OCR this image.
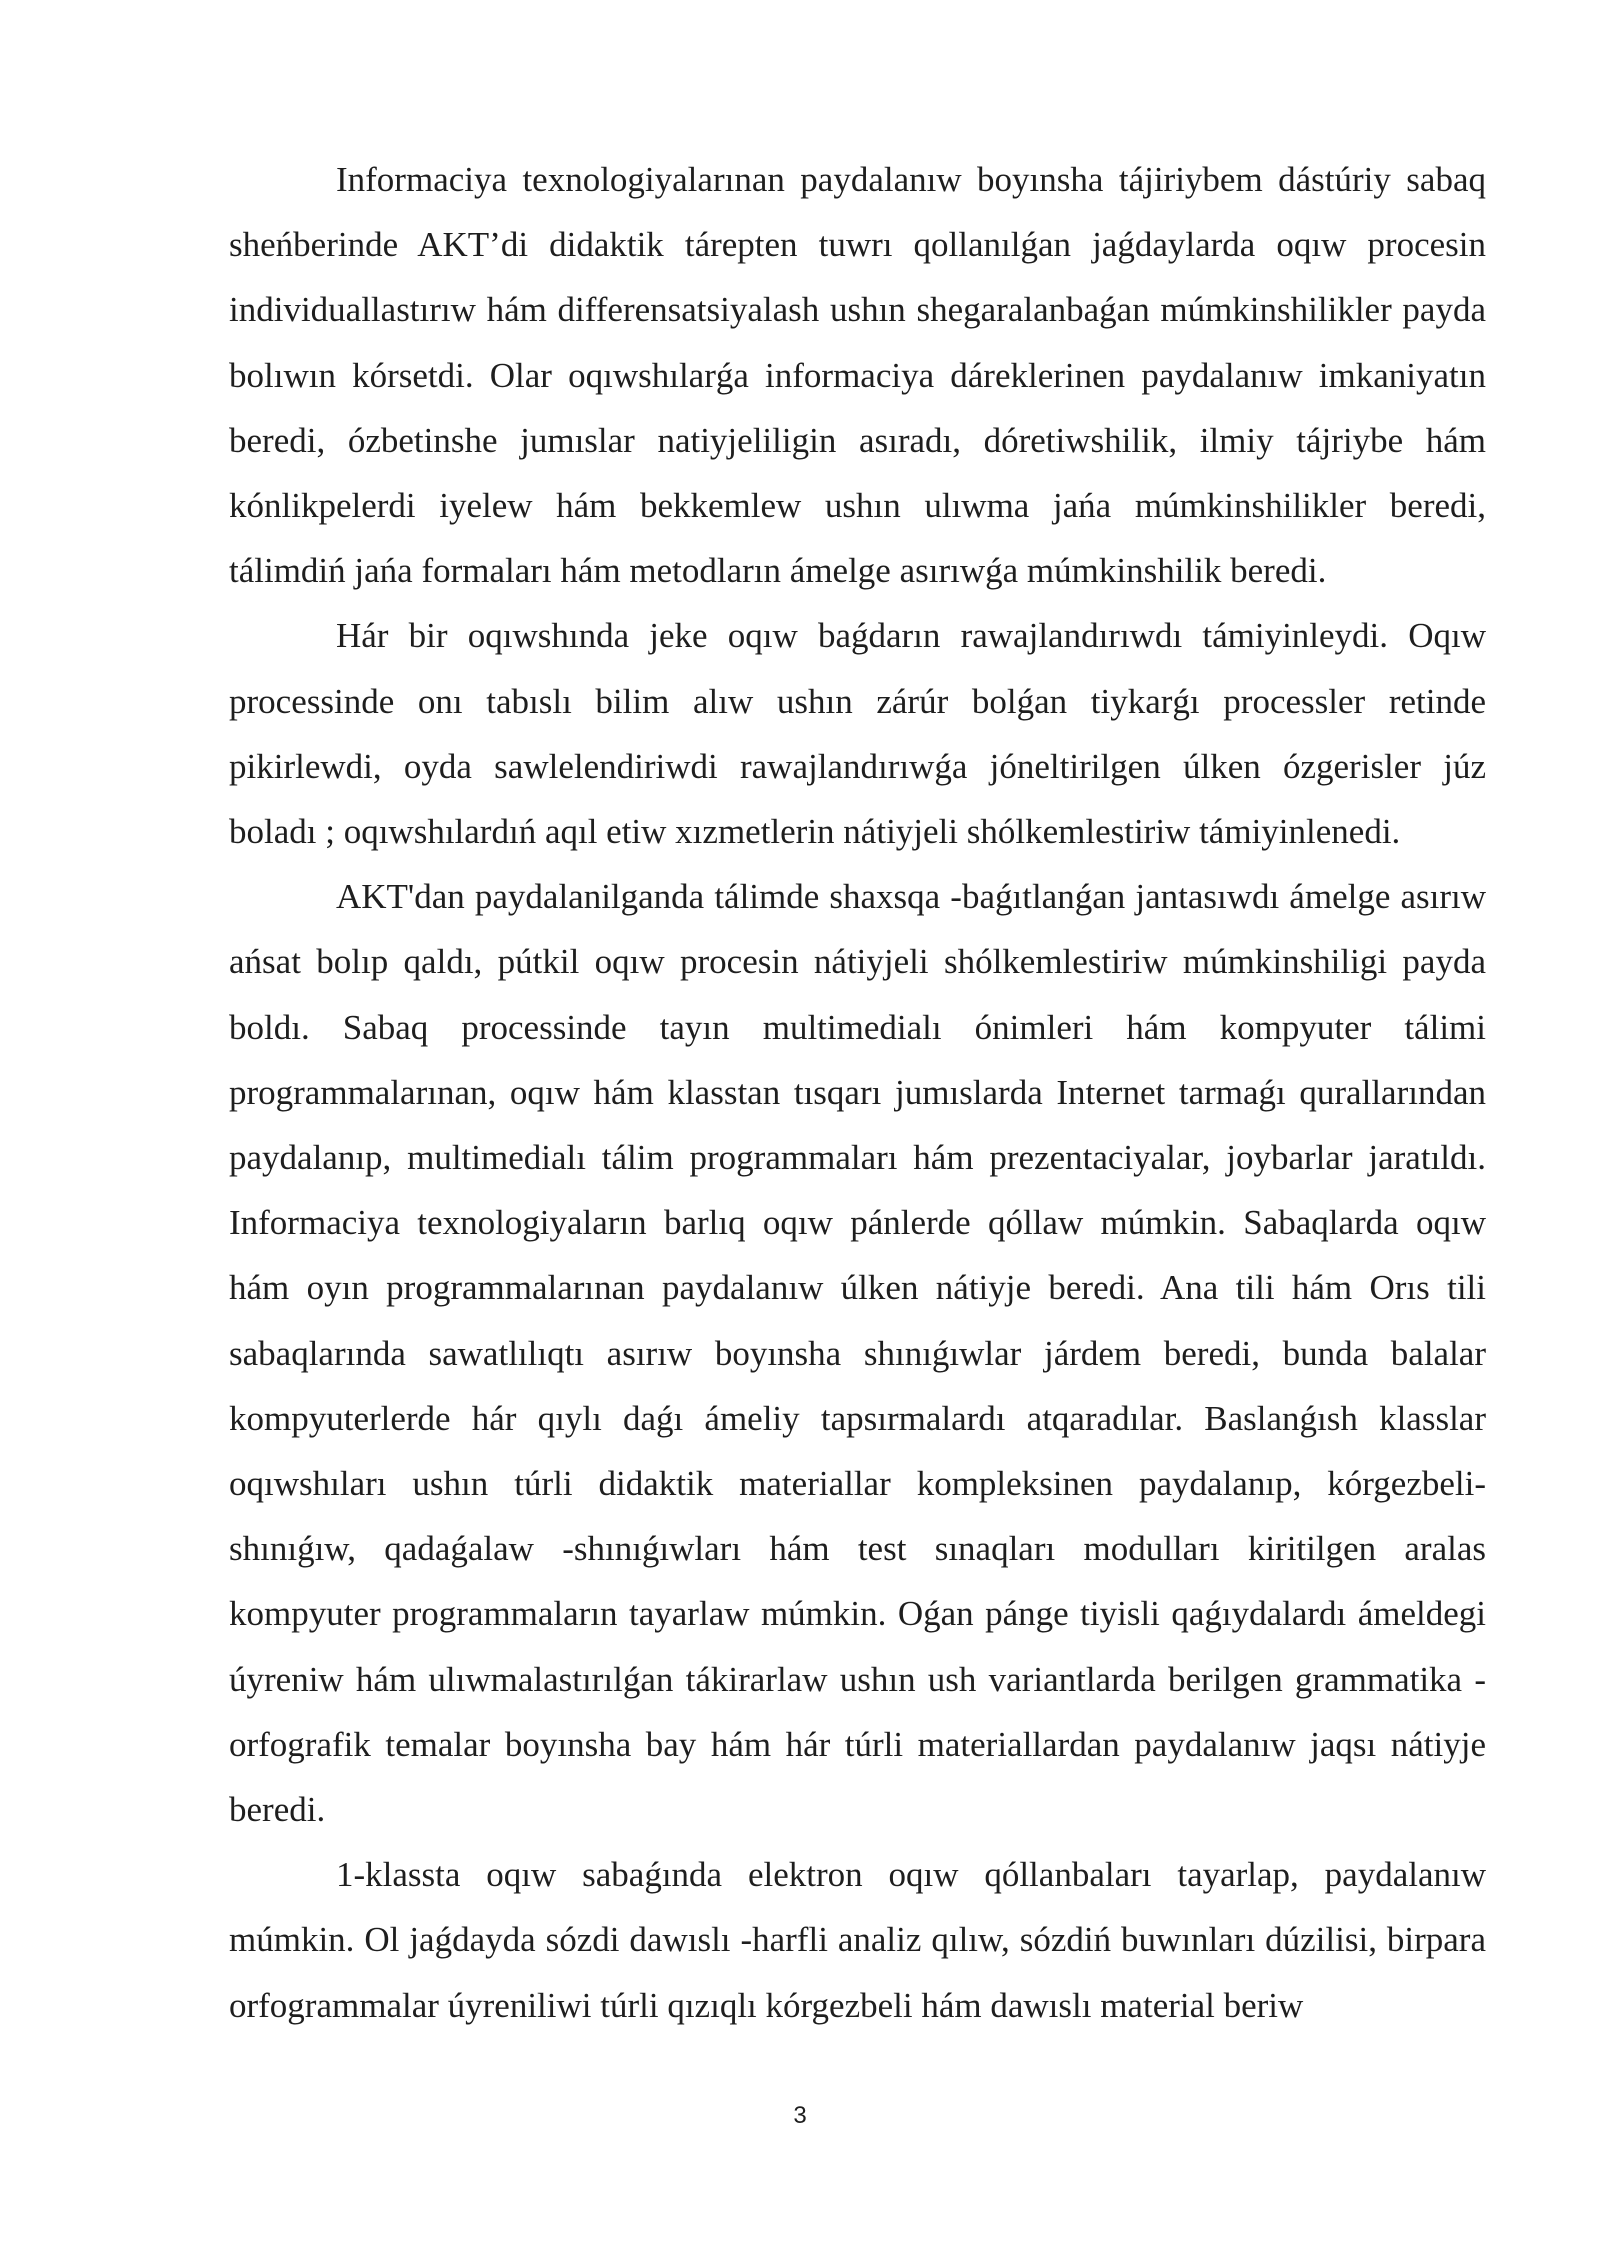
Informaciya texnologiyalarınan paydalanıw boyınsha tájiriybem dástúriy sabaq sheńberinde AKT’di didaktik tárepten tuwrı qollanılǵan jaǵdaylarda oqıw procesin individuallastırıw hám differensatsiyalash ushın shegaralanbaǵan múmkinshilikler payda bolıwın kórsetdi. Olar oqıwshılarǵa informaciya dáreklerinen paydalanıw imkaniyatın beredi, ózbetinshe jumıslar natiyjeliligin asıradı, dóretiwshilik, ilmiy tájriybe hám kónlikpelerdi iyelew hám bekkemlew ushın ulıwma jańa múmkinshilikler beredi, tálimdiń jańa formaları hám metodların ámelge asırıwǵa múmkinshilik beredi.

Hár bir oqıwshında jeke oqıw baǵdarın rawajlandırıwdı támiyinleydi. Oqıw processinde onı tabıslı bilim alıw ushın zárúr bolǵan tiykarǵı processler retinde pikirlewdi, oyda sawlelendiriwdi rawajlandırıwǵa jóneltirilgen úlken ózgerisler júz boladı ; oqıwshılardıń aqıl etiw xızmetlerin nátiyjeli shólkemlestiriw támiyinlenedi.

AKT'dan paydalanilganda tálimde shaxsqa -baǵıtlanǵan jantasıwdı ámelge asırıw ańsat bolıp qaldı, pútkil oqıw procesin nátiyjeli shólkemlestiriw múmkinshiligi payda boldı. Sabaq processinde tayın multimedialı ónimleri hám kompyuter tálimi programmalarınan, oqıw hám klasstan tısqarı jumıslarda Internet tarmaǵı qurallarından paydalanıp, multimedialı tálim programmaları hám prezentaciyalar, joybarlar jaratıldı. Informaciya texnologiyaların barlıq oqıw pánlerde qóllaw múmkin. Sabaqlarda oqıw hám oyın programmalarınan paydalanıw úlken nátiyje beredi. Ana tili hám Orıs tili sabaqlarında sawatlılıqtı asırıw boyınsha shınıǵıwlar járdem beredi, bunda balalar kompyuterlerde hár qıylı daǵı ámeliy tapsırmalardı atqaradılar. Baslanǵısh klasslar oqıwshıları ushın túrli didaktik materiallar kompleksinen paydalanıp, kórgezbeli-shınıǵıw, qadaǵalaw -shınıǵıwları hám test sınaqları modulları kiritilgen aralas kompyuter programmaların tayarlaw múmkin. Oǵan pánge tiyisli qaǵıydalardı ámeldegi úyreniw hám ulıwmalastırılǵan tákirarlaw ushın ush variantlarda berilgen grammatika -orfografik temalar boyınsha bay hám hár túrli materiallardan paydalanıw jaqsı nátiyje beredi.

1-klassta oqıw sabaǵında elektron oqıw qóllanbaları tayarlap, paydalanıw múmkin. Ol jaǵdayda sózdi dawıslı -harfli analiz qılıw, sózdiń buwınları dúzilisi, birpara orfogrammalar úyreniliwi túrli qızıqlı kórgezbeli hám dawıslı material beriw

3
